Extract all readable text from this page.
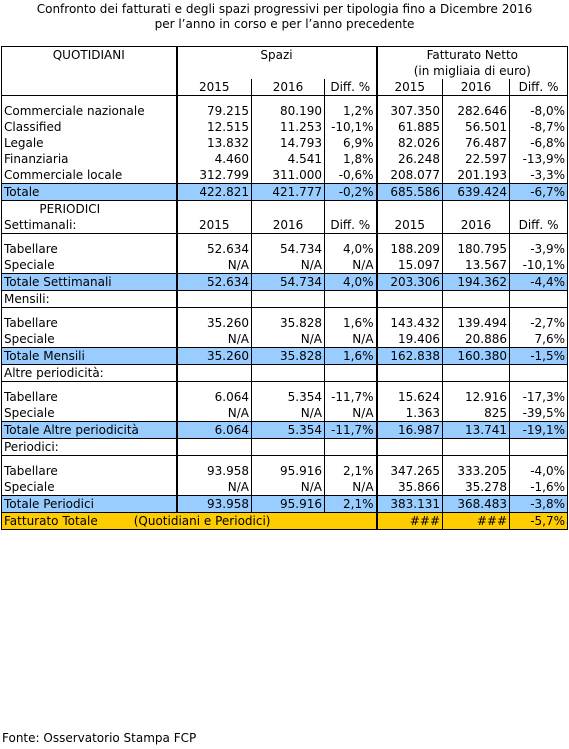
Confronto dei fatturati e degli spazi progressivi per tipologia fino a Dicembre 2016
per l’anno in corso e per l’anno precedente
QUOTIDIANI	Spazi			Fatturato Netto		
				(in migliaia di euro)		
	2015	2016	Diff. %	2015	2016	Diff. %

Commerciale nazionale	79.215	80.190	1,2%	307.350	282.646	-8,0%
Classified	12.515	11.253	-10,1%	61.885	56.501	-8,7%
Legale	13.832	14.793	6,9%	82.026	76.487	-6,8%
Finanziaria	4.460	4.541	1,8%	26.248	22.597	-13,9%
Commerciale locale	312.799	311.000	-0,6%	208.077	201.193	-3,3%
Totale	422.821	421.777	-0,2%	685.586	639.424	-6,7%
PERIODICI						

Settimanali:	2015	2016	Diff. %	2015	2016	Diff. %

Tabellare	52.634	54.734	4,0%	188.209	180.795	-3,9%
Speciale	N/A	N/A	N/A	15.097	13.567	-10,1%
Totale Settimanali	52.634	54.734	4,0%	203.306	194.362	-4,4%
Mensili:						

Tabellare	35.260	35.828	1,6%	143.432	139.494	-2,7%
Speciale	N/A	N/A	N/A	19.406	20.886	7,6%
Totale Mensili	35.260	35.828	1,6%	162.838	160.380	-1,5%
Altre periodicità:						

Tabellare	6.064	5.354	-11,7%	15.624	12.916	-17,3%
Speciale	N/A	N/A	N/A	1.363	825	-39,5%
Totale Altre periodicità	6.064	5.354	-11,7%	16.987	13.741	-19,1%
Periodici:						

Tabellare	93.958	95.916	2,1%	347.265	333.205	-4,0%
Speciale	N/A	N/A	N/A	35.866	35.278	-1,6%
Totale Periodici	93.958	95.916	2,1%	383.131	368.483	-3,8%
Fatturato Totale (Quotidiani e Periodici)				###	###	-5,7%
Fonte: Osservatorio Stampa FCP
